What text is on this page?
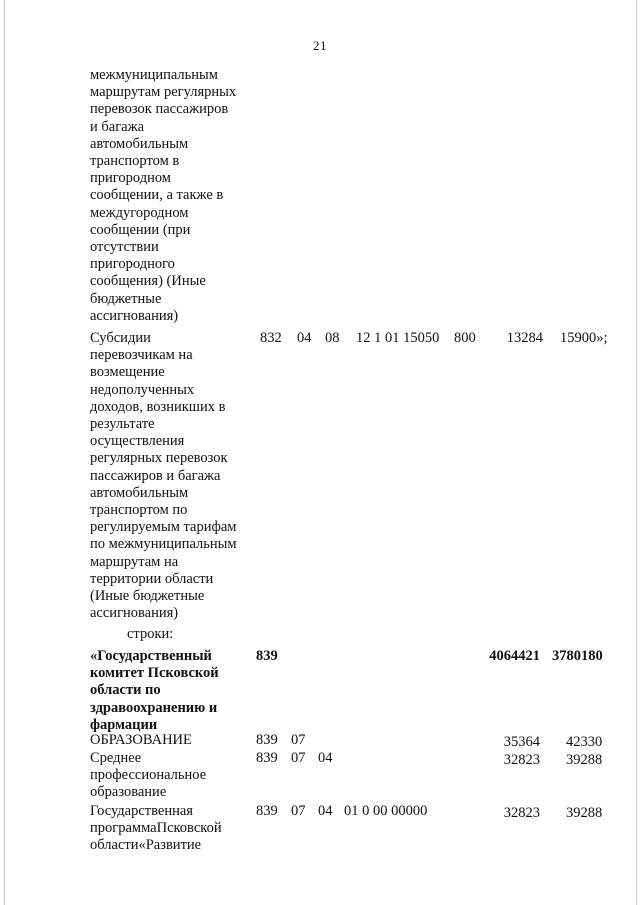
21
межмуниципальным
маршрутам регулярных
перевозок пассажиров
и багажа
автомобильным
транспортом в
пригородном
сообщении, а также в
междугородном
сообщении (при
отсутствии
пригородного
сообщения) (Иные
бюджетные
ассигнования)
Субсидии
перевозчикам на
возмещение
недополученных
доходов, возникших в
результате
осуществления
регулярных перевозок
пассажиров и багажа
автомобильным
транспортом по
регулируемым тарифам
по межмуниципальным
маршрутам на
территории области
(Иные бюджетные
ассигнования)
832 04 08 12 1 01 15050 800	13284 15900»;
строки:
«Государственный
комитет Псковской
области по
здравоохранению и
фармации
839	4064421 3780180
ОБРАЗОВАНИЕ	839 07	35364 42330
Среднее
профессиональное
образование
839 07 04	32823 39288
Государственная
программаПсковской
области«Развитие
839 07 04 01 0 00 00000	32823 39288
